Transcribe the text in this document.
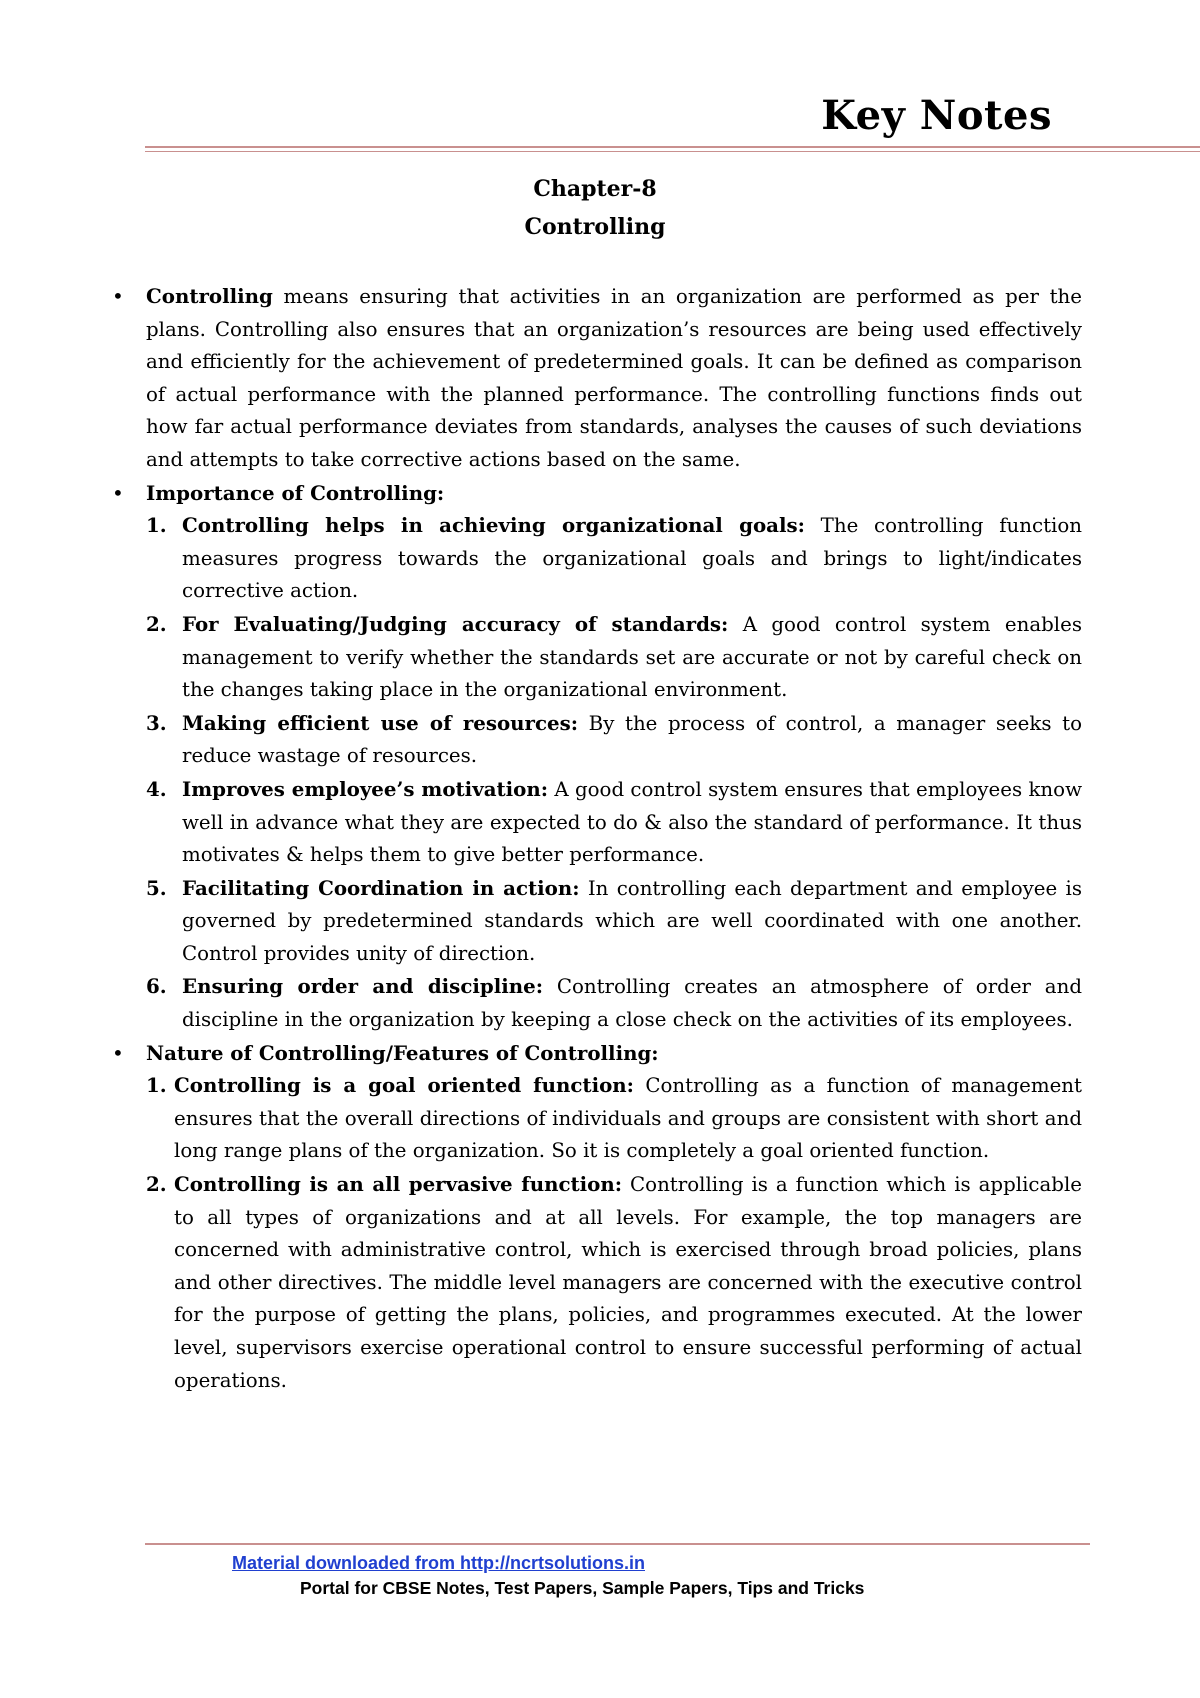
Key Notes
Chapter-8
Controlling
• Controlling means ensuring that activities in an organization are performed as per the plans. Controlling also ensures that an organization’s resources are being used effectively and efficiently for the achievement of predetermined goals. It can be defined as comparison of actual performance with the planned performance. The controlling functions finds out how far actual performance deviates from standards, analyses the causes of such deviations and attempts to take corrective actions based on the same.
• Importance of Controlling:
1. Controlling helps in achieving organizational goals: The controlling function measures progress towards the organizational goals and brings to light/indicates corrective action.
2. For Evaluating/Judging accuracy of standards: A good control system enables management to verify whether the standards set are accurate or not by careful check on the changes taking place in the organizational environment.
3. Making efficient use of resources: By the process of control, a manager seeks to reduce wastage of resources.
4. Improves employee’s motivation: A good control system ensures that employees know well in advance what they are expected to do & also the standard of performance. It thus motivates & helps them to give better performance.
5. Facilitating Coordination in action: In controlling each department and employee is governed by predetermined standards which are well coordinated with one another. Control provides unity of direction.
6. Ensuring order and discipline: Controlling creates an atmosphere of order and discipline in the organization by keeping a close check on the activities of its employees.
• Nature of Controlling/Features of Controlling:
1. Controlling is a goal oriented function: Controlling as a function of management ensures that the overall directions of individuals and groups are consistent with short and long range plans of the organization. So it is completely a goal oriented function.
2. Controlling is an all pervasive function: Controlling is a function which is applicable to all types of organizations and at all levels. For example, the top managers are concerned with administrative control, which is exercised through broad policies, plans and other directives. The middle level managers are concerned with the executive control for the purpose of getting the plans, policies, and programmes executed. At the lower level, supervisors exercise operational control to ensure successful performing of actual operations.
Material downloaded from http://ncrtsolutions.in
Portal for CBSE Notes, Test Papers, Sample Papers, Tips and Tricks
